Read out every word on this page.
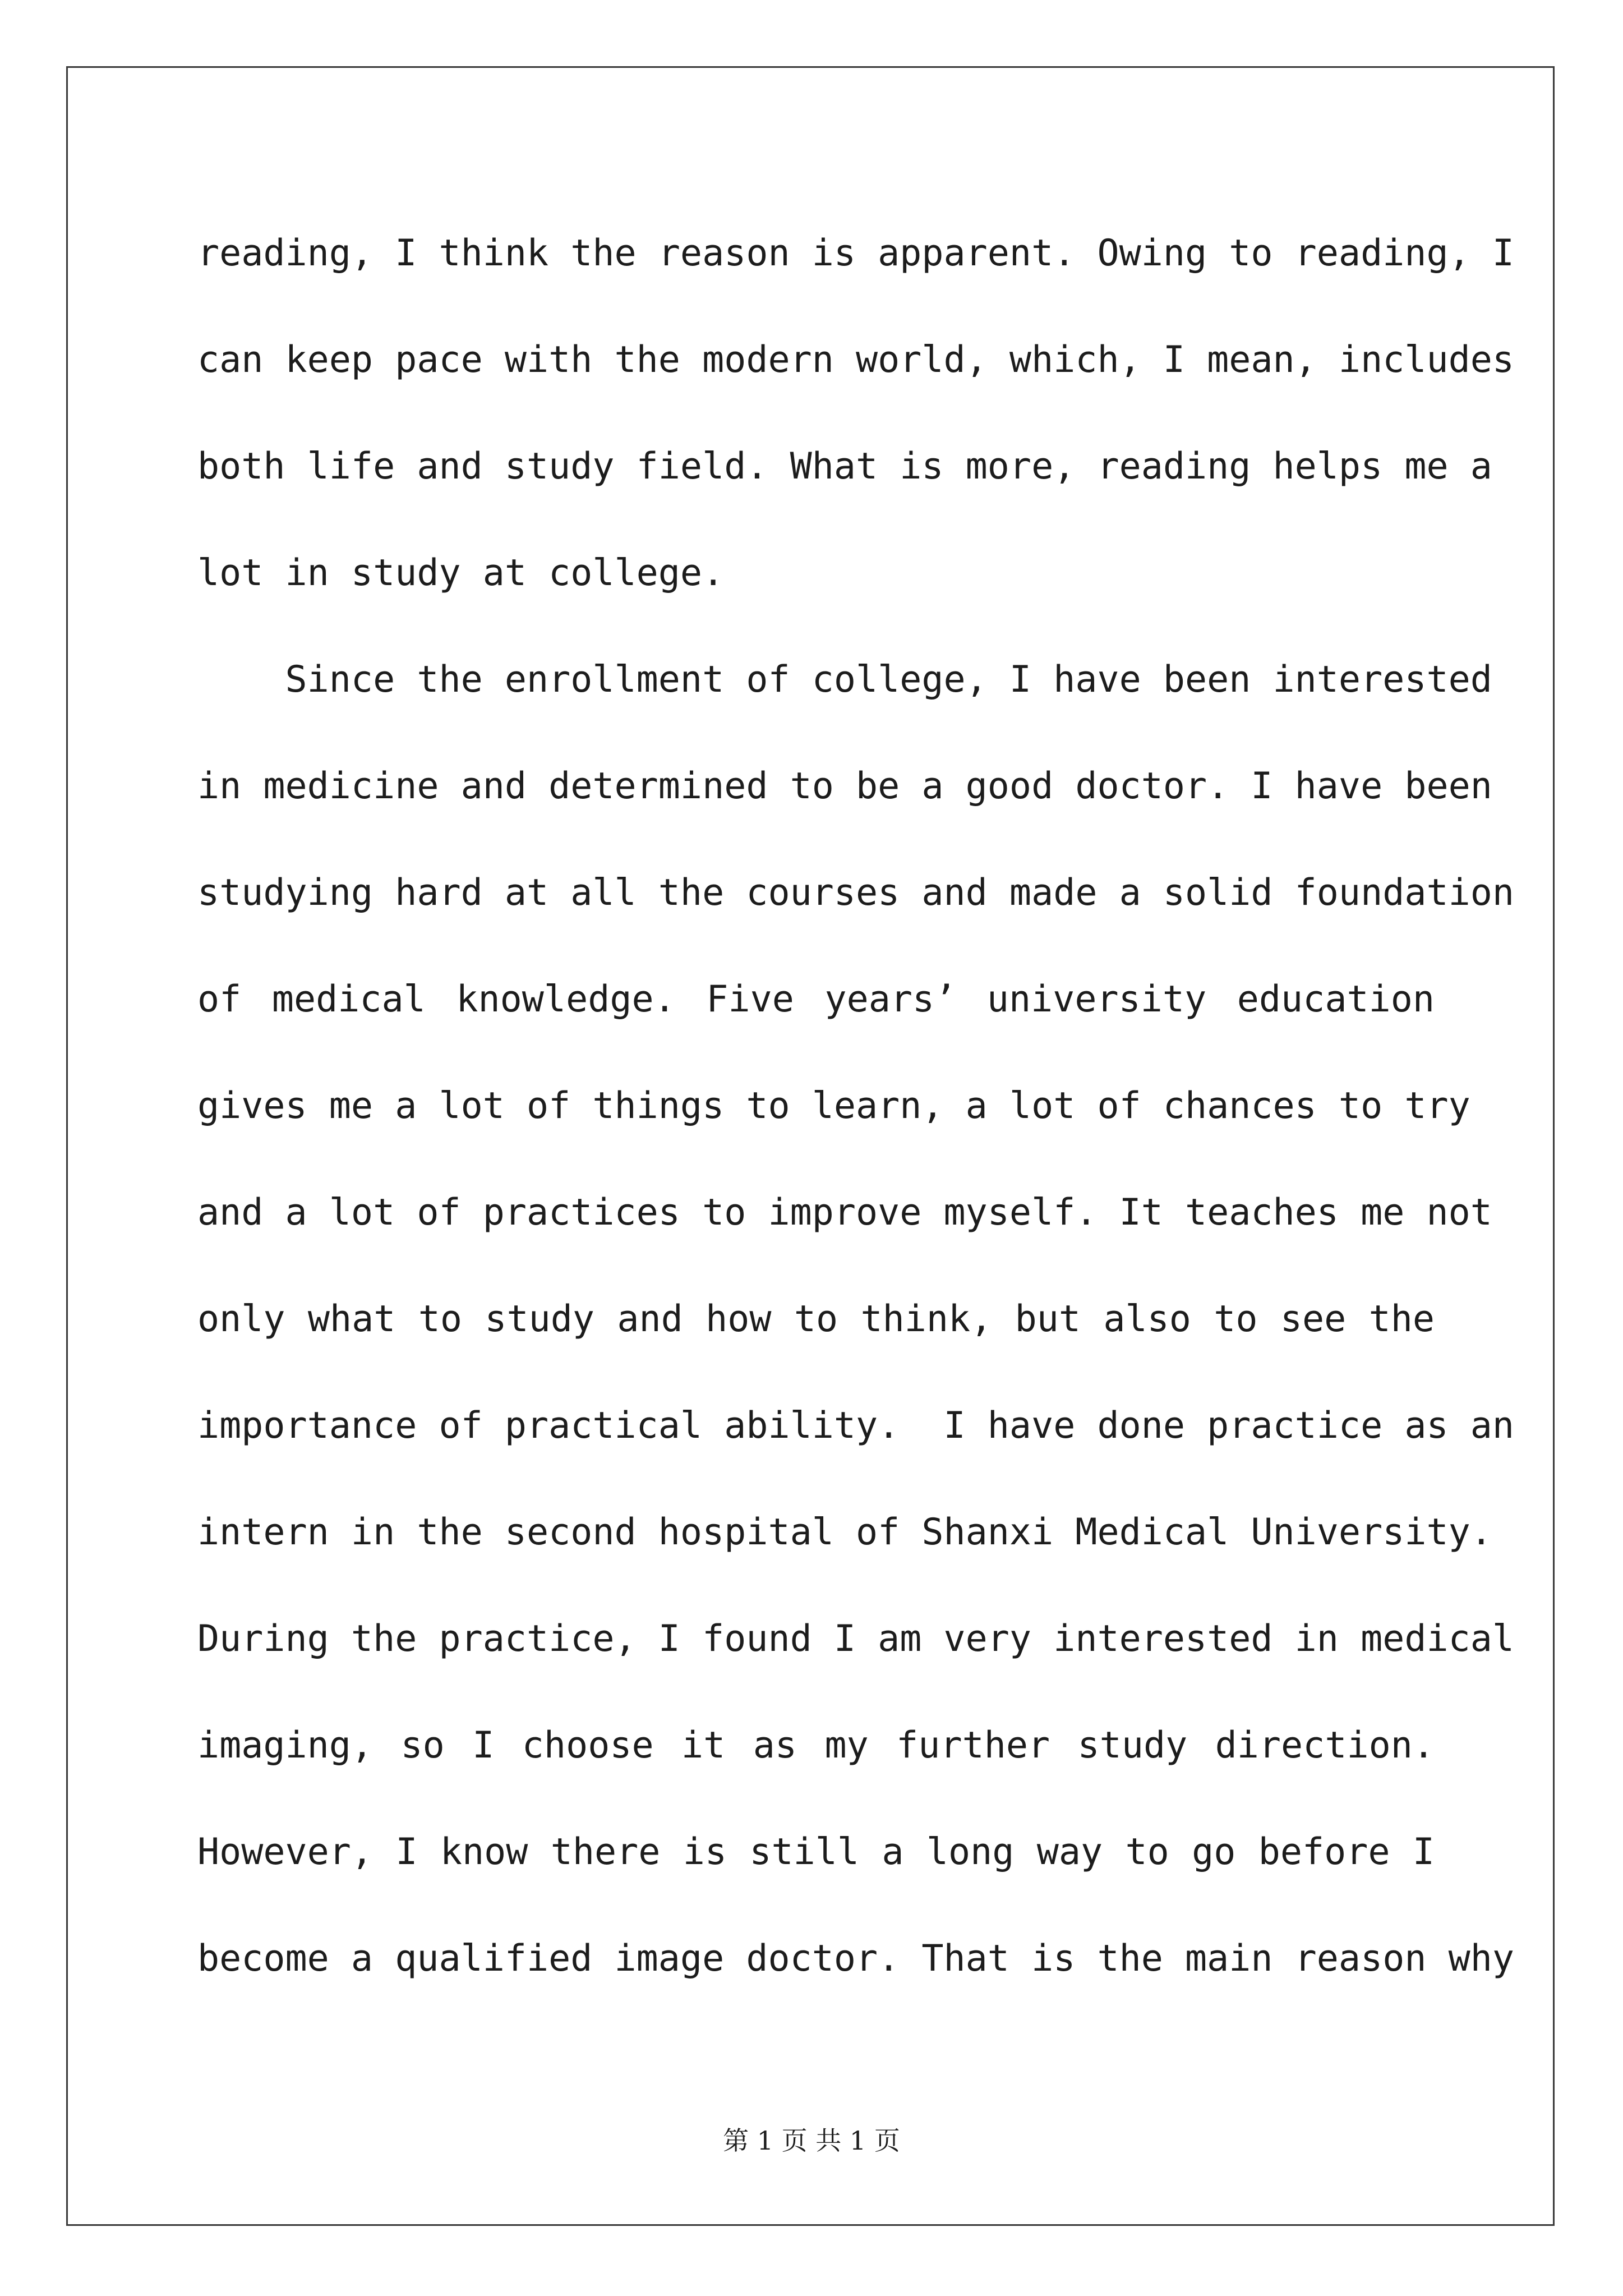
reading, I think the reason is apparent. Owing to reading, I
can keep pace with the modern world, which, I mean, includes
both life and study field. What is more, reading helps me a
lot in study at college.
Since the enrollment of college, I have been interested
in medicine and determined to be a good doctor. I have been
studying hard at all the courses and made a solid foundation
of medical knowledge. Five years’ university education
gives me a lot of things to learn, a lot of chances to try
and a lot of practices to improve myself. It teaches me not
only what to study and how to think, but also to see the
importance of practical ability.  I have done practice as an
intern in the second hospital of Shanxi Medical University.
During the practice, I found I am very interested in medical
imaging, so I choose it as my further study direction.
However, I know there is still a long way to go before I
become a qualified image doctor. That is the main reason why
第 1 页 共 1 页
